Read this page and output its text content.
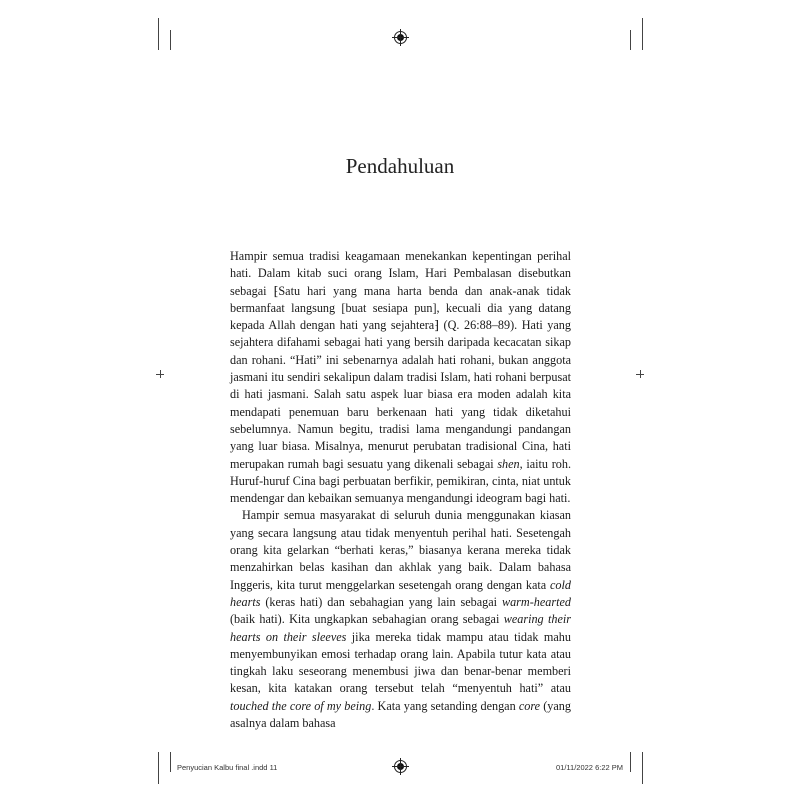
Pendahuluan

Hampir semua tradisi keagamaan menekankan kepentingan perihal hati. Dalam kitab suci orang Islam, Hari Pembalasan disebutkan sebagai ⁅Satu hari yang mana harta benda dan anak-anak tidak bermanfaat langsung [buat sesiapa pun], kecuali dia yang datang kepada Allah dengan hati yang sejahtera⁆ (Q. 26:88–89). Hati yang sejahtera difahami sebagai hati yang bersih daripada kecacatan sikap dan rohani. “Hati” ini sebenarnya adalah hati rohani, bukan anggota jasmani itu sendiri sekalipun dalam tradisi Islam, hati rohani berpusat di hati jasmani. Salah satu aspek luar biasa era moden adalah kita mendapati penemuan baru berkenaan hati yang tidak diketahui sebelumnya. Namun begitu, tradisi lama mengandungi pandangan yang luar biasa. Misalnya, menurut perubatan tradisional Cina, hati merupakan rumah bagi sesuatu yang dikenali sebagai shen, iaitu roh. Huruf-huruf Cina bagi perbuatan berfikir, pemikiran, cinta, niat untuk mendengar dan kebaikan semuanya mengandungi ideogram bagi hati.

Hampir semua masyarakat di seluruh dunia menggunakan kiasan yang secara langsung atau tidak menyentuh perihal hati. Sesetengah orang kita gelarkan “berhati keras,” biasanya kerana mereka tidak menzahirkan belas kasihan dan akhlak yang baik. Dalam bahasa Inggeris, kita turut menggelarkan sesetengah orang dengan kata cold hearts (keras hati) dan sebahagian yang lain sebagai warm-hearted (baik hati). Kita ungkapkan sebahagian orang sebagai wearing their hearts on their sleeves jika mereka tidak mampu atau tidak mahu menyembunyikan emosi terhadap orang lain. Apabila tutur kata atau tingkah laku seseorang menembusi jiwa dan benar-benar memberi kesan, kita katakan orang tersebut telah “menyentuh hati” atau touched the core of my being. Kata yang setanding dengan core (yang asalnya dalam bahasa

Penyucian Kalbu final .indd 11	01/11/2022 6:22 PM
